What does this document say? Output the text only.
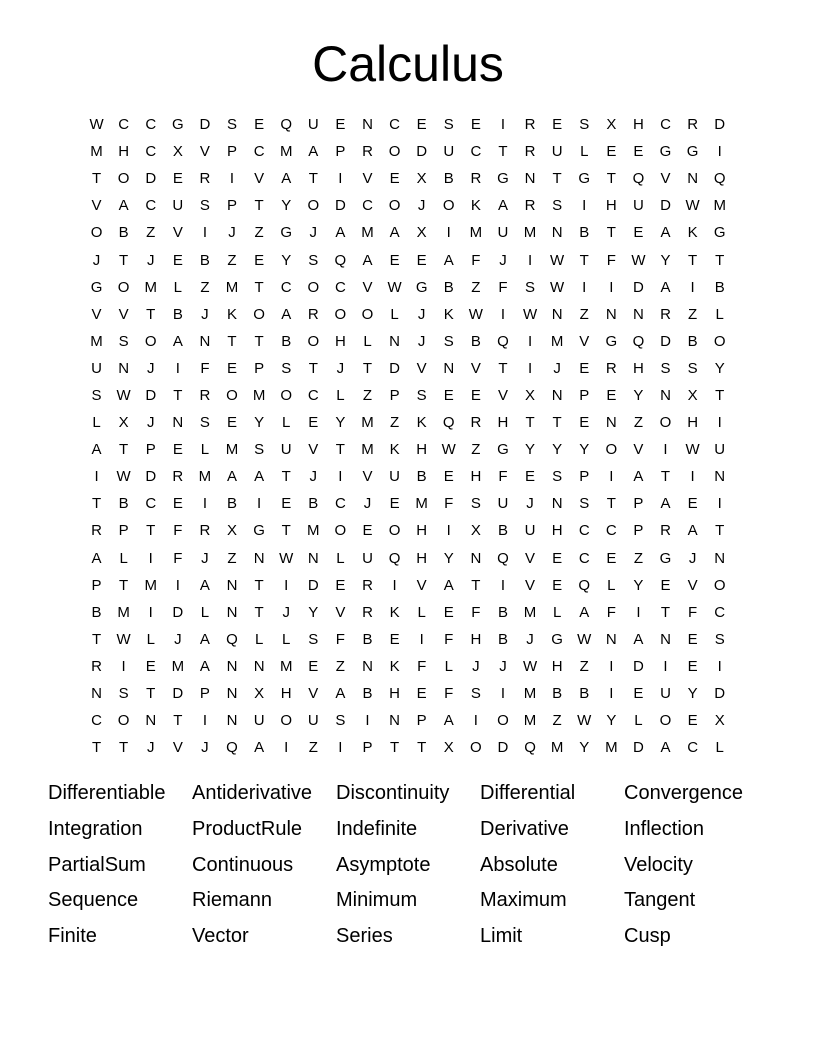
Calculus
W C	C	G	D	S	E	Q	U	E	N	C	E	S	E	I	R	E	S	X	H	C	R	D
M	H	C	X	V	P	C	M	A	P	R	O	D	U	C	T	R	U	L	E	E	G	G	I
T	O	D	E	R	I	V	A	T	I	V	E	X	B	R	G	N	T	G	T	Q	V	N	Q
V	A	C	U	S	P	T	Y	O	D	C	O	J	O	K	A	R	S	I	H	U	D W M
O	B	Z	V	I	J	Z	G	J	A	M	A	X	I	M	U	M	N	B	T	E	A	K	G
J	T	J	E	B	Z	E	Y	S	Q	A	E	E	A	F	J	I	W	T	F	W	Y	T	T
G	O	M	L	Z	M	T	C	O	C	V	W G	B	Z	F	S	W	I	I	D	A	I	B
V	V	T	B	J	K	O	A	R	O	O	L	J	K	W	I	W N	Z	N	N	R	Z	L
M	S	O	A	N	T	T	B	O	H	L	N	J	S	B	Q	I	M	V	G	Q	D	B	O
U	N	J	I	F	E	P	S	T	J	T	D	V	N	V	T	I	J	E	R	H	S	S	Y
S	W D	T	R	O	M	O	C	L	Z	P	S	E	E	V	X	N	P	E	Y	N	X	T
L	X	J	N	S	E	Y	L	E	Y	M	Z	K	Q	R	H	T	T	E	N	Z	O	H	I
A	T	P	E	L	M	S	U	V	T	M	K	H W	Z	G	Y	Y	Y	O	V	I	W U
I	W D	R	M	A	A	T	J	I	V	U	B	E	H	F	E	S	P	I	A	T	I	N
T	B	C	E	I	B	I	E	B	C	J	E	M	F	S	U	J	N	S	T	P	A	E	I
R	P	T	F	R	X	G	T	M	O	E	O	H	I	X	B	U	H	C	C	P	R	A	T
A	L	I	F	J	Z	N W N	L	U	Q	H	Y	N	Q	V	E	C	E	Z	G	J	N
P	T	M	I	A	N	T	I	D	E	R	I	V	A	T	I	V	E	Q	L	Y	E	V	O
B	M	I	D	L	N	T	J	Y	V	R	K	L	E	F	B	M	L	A	F	I	T	F	C
T	W	L	J	A	Q	L	L	S	F	B	E	I	F	H	B	J	G W N	A	N	E	S
R	I	E	M	A	N	N	M	E	Z	N	K	F	L	J	J	W H	Z	I	D	I	E	I
N	S	T	D	P	N	X	H	V	A	B	H	E	F	S	I	M	B	B	I	E	U	Y	D
C	O	N	T	I	N	U	O	U	S	I	N	P	A	I	O	M	Z	W	Y	L	O	E	X
T	T	J	V	J	Q	A	I	Z	I	P	T	T	X	O	D	Q	M	Y	M	D	A	C	L
Differentiable	Antiderivative	Discontinuity	Differential	Convergence
Integration	ProductRule	Indefinite	Derivative	Inflection
PartialSum	Continuous	Asymptote	Absolute	Velocity
Sequence	Riemann	Minimum	Maximum	Tangent
Finite	Vector	Series	Limit	Cusp
